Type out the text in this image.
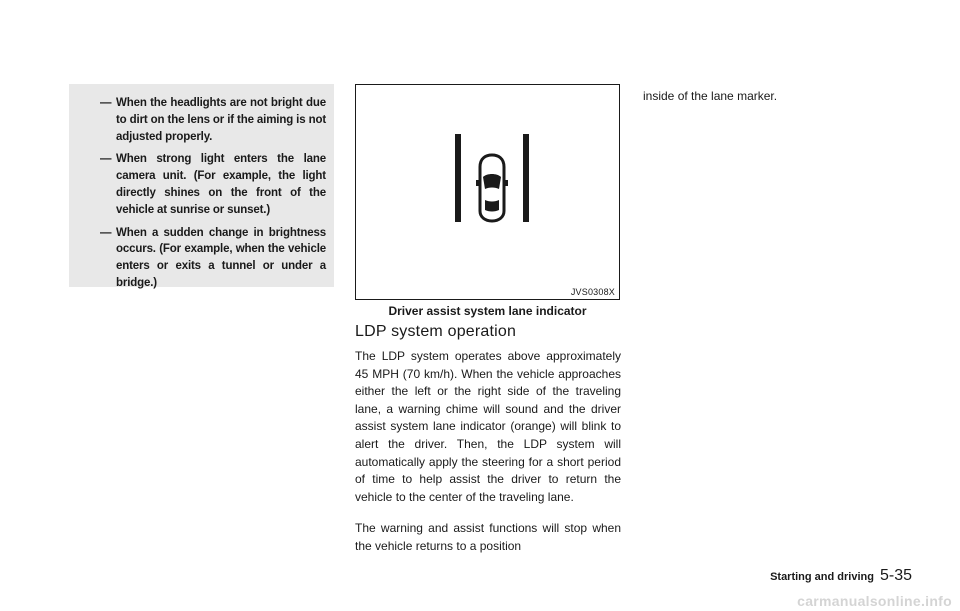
— When the headlights are not bright due to dirt on the lens or if the aiming is not adjusted properly.
— When strong light enters the lane camera unit. (For example, the light directly shines on the front of the vehicle at sunrise or sunset.)
— When a sudden change in brightness occurs. (For example, when the vehicle enters or exits a tunnel or under a bridge.)
JVS0308X
Driver assist system lane indicator
LDP system operation

The LDP system operates above approximately 45 MPH (70 km/h). When the vehicle approaches either the left or the right side of the traveling lane, a warning chime will sound and the driver assist system lane indicator (orange) will blink to alert the driver. Then, the LDP system will automatically apply the steering for a short period of time to help assist the driver to return the vehicle to the center of the traveling lane.

The warning and assist functions will stop when the vehicle returns to a position

inside of the lane marker.

Starting and driving 5-35
carmanualsonline.info
